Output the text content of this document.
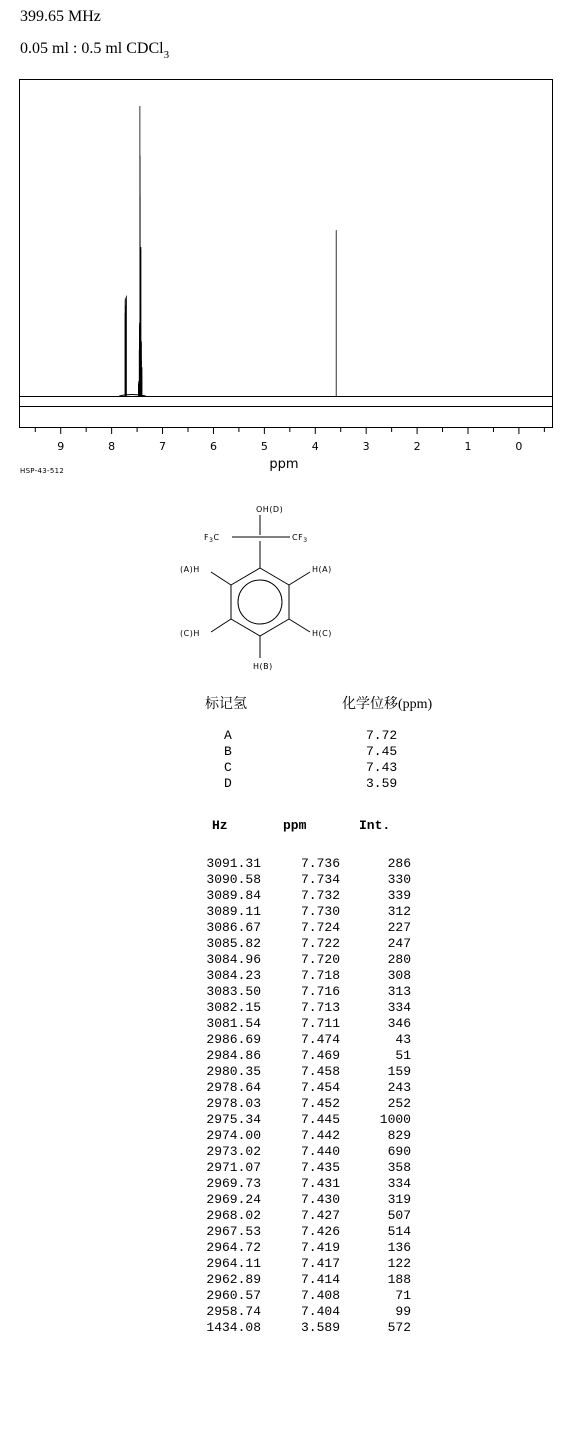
399.65 MHz
0.05 ml : 0.5 ml CDCl$_3$
9	8	7	6	5	4	3	2	1	0
ppm
HSP-43-512
OH(D)
$F_3C$	$CF_3$
(A)H	H(A)
(C)H	H(C)
H(B)
标记氢	化学位移(ppm)
A	7.72
B	7.45
C	7.43
D	3.59
Hz	ppm	Int.
3091.31	7.736	286
3090.58	7.734	330
3089.84	7.732	339
3089.11	7.730	312
3086.67	7.724	227
3085.82	7.722	247
3084.96	7.720	280
3084.23	7.718	308
3083.50	7.716	313
3082.15	7.713	334
3081.54	7.711	346
2986.69	7.474	43
2984.86	7.469	51
2980.35	7.458	159
2978.64	7.454	243
2978.03	7.452	252
2975.34	7.445	1000
2974.00	7.442	829
2973.02	7.440	690
2971.07	7.435	358
2969.73	7.431	334
2969.24	7.430	319
2968.02	7.427	507
2967.53	7.426	514
2964.72	7.419	136
2964.11	7.417	122
2962.89	7.414	188
2960.57	7.408	71
2958.74	7.404	99
1434.08	3.589	572
